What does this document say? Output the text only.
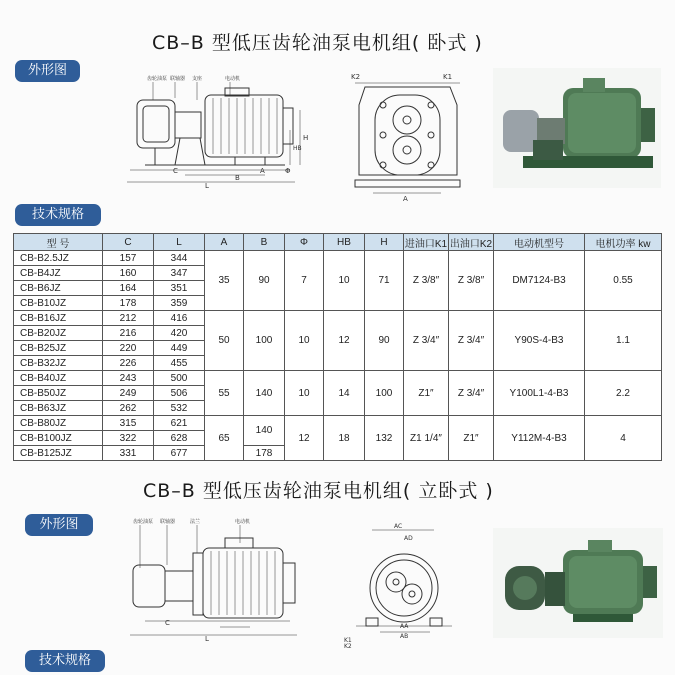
CB–B 型低压齿轮油泵电机组( 卧式 )
外形图
齿轮油泵 联轴器 支座	电动机
C
L
B
A	Φ
HB
H
K2	K1
A
技术规格
型 号	C	L	A	B	Φ	HB	H	进油口K1	出油口K2	电动机型号	电机功率 kw
CB-B2.5JZ	157	344	35	90	7	10	71	Z 3/8″	Z 3/8″	DM7124-B3	0.55
CB-B4JZ	160	347									
CB-B6JZ	164	351									
CB-B10JZ	178	359									
CB-B16JZ	212	416	50	100	10	12	90	Z 3/4″	Z 3/4″	Y90S-4-B3	1.1
CB-B20JZ	216	420									
CB-B25JZ	220	449									
CB-B32JZ	226	455									
CB-B40JZ	243	500	55	140	10	14	100	Z1″	Z 3/4″	Y100L1-4-B3	2.2
CB-B50JZ	249	506									
CB-B63JZ	262	532									
CB-B80JZ	315	621	65	140	12	18	132	Z1 1/4″	Z1″	Y112M-4-B3	4
CB-B100JZ	322	628									
CB-B125JZ	331	677		178							
CB–B 型低压齿轮油泵电机组( 立卧式 )
外形图	齿轮油泵 联轴器	法兰	电动机
C
L
AC
AD
AB
AA
K1
K2
技术规格
